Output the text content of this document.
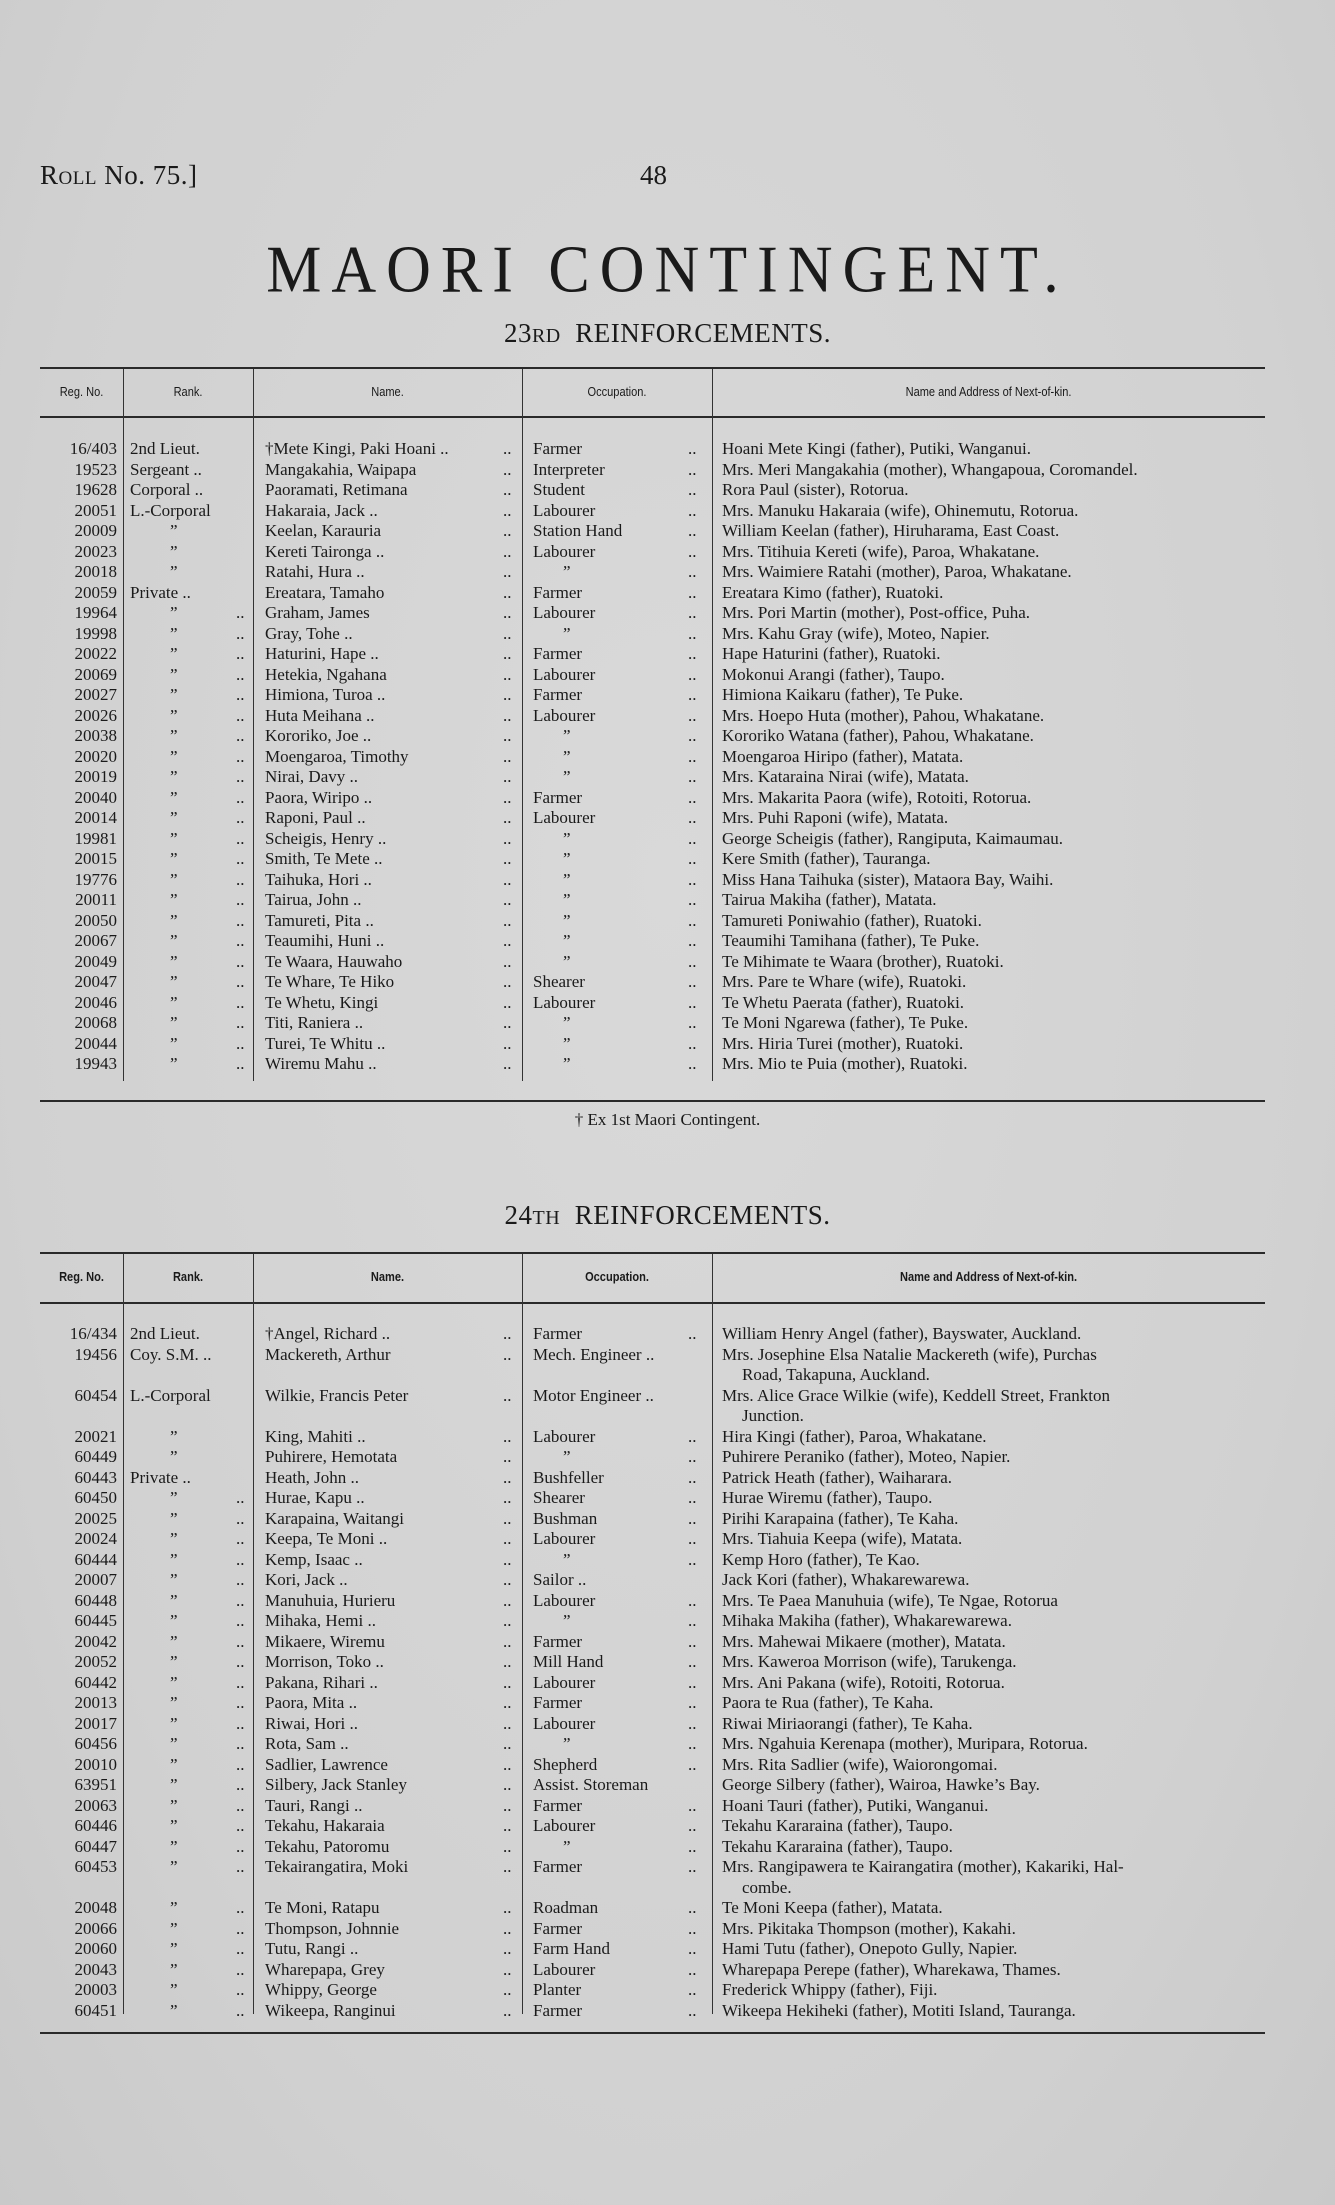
Roll No. 75.]	48
MAORI CONTINGENT.
23RD REINFORCEMENTS.
Reg. No.	Rank.	Name.	Occupation.	Name and Address of Next-of-kin.
16/403 2nd Lieut.	†Mete Kingi, Paki Hoani ..	.. Farmer	.. Hoani Mete Kingi (father), Putiki, Wanganui.
19523 Sergeant ..	Mangakahia, Waipapa	.. Interpreter	.. Mrs. Meri Mangakahia (mother), Whangapoua, Coromandel.
19628 Corporal ..	Paoramati, Retimana	.. Student	.. Rora Paul (sister), Rotorua.
20051 L.-Corporal	Hakaraia, Jack ..	.. Labourer	.. Mrs. Manuku Hakaraia (wife), Ohinemutu, Rotorua.
20009	”	Keelan, Karauria	.. Station Hand	.. William Keelan (father), Hiruharama, East Coast.
20023	”	Kereti Taironga ..	.. Labourer	.. Mrs. Titihuia Kereti (wife), Paroa, Whakatane.
20018	”	Ratahi, Hura ..	..	”	.. Mrs. Waimiere Ratahi (mother), Paroa, Whakatane.
20059 Private ..	Ereatara, Tamaho	.. Farmer	.. Ereatara Kimo (father), Ruatoki.
19964	”	..	Graham, James	.. Labourer	.. Mrs. Pori Martin (mother), Post-office, Puha.
19998	”	..	Gray, Tohe ..	..	”	.. Mrs. Kahu Gray (wife), Moteo, Napier.
20022	”	..	Haturini, Hape ..	.. Farmer	.. Hape Haturini (father), Ruatoki.
20069	”	..	Hetekia, Ngahana	.. Labourer	.. Mokonui Arangi (father), Taupo.
20027	”	..	Himiona, Turoa ..	.. Farmer	.. Himiona Kaikaru (father), Te Puke.
20026	”	..	Huta Meihana ..	.. Labourer	.. Mrs. Hoepo Huta (mother), Pahou, Whakatane.
20038	”	..	Kororiko, Joe ..	..	”	.. Kororiko Watana (father), Pahou, Whakatane.
20020	”	..	Moengaroa, Timothy	..	”	.. Moengaroa Hiripo (father), Matata.
20019	”	..	Nirai, Davy ..	..	”	.. Mrs. Kataraina Nirai (wife), Matata.
20040	”	..	Paora, Wiripo ..	.. Farmer	.. Mrs. Makarita Paora (wife), Rotoiti, Rotorua.
20014	”	..	Raponi, Paul ..	.. Labourer	.. Mrs. Puhi Raponi (wife), Matata.
19981	”	..	Scheigis, Henry ..	..	”	.. George Scheigis (father), Rangiputa, Kaimaumau.
20015	”	..	Smith, Te Mete ..	..	”	.. Kere Smith (father), Tauranga.
19776	”	..	Taihuka, Hori ..	..	”	.. Miss Hana Taihuka (sister), Mataora Bay, Waihi.
20011	”	..	Tairua, John ..	..	”	.. Tairua Makiha (father), Matata.
20050	”	..	Tamureti, Pita ..	..	”	.. Tamureti Poniwahio (father), Ruatoki.
20067	”	..	Teaumihi, Huni ..	..	”	.. Teaumihi Tamihana (father), Te Puke.
20049	”	..	Te Waara, Hauwaho	..	”	.. Te Mihimate te Waara (brother), Ruatoki.
20047	”	..	Te Whare, Te Hiko	.. Shearer	.. Mrs. Pare te Whare (wife), Ruatoki.
20046	”	..	Te Whetu, Kingi	.. Labourer	.. Te Whetu Paerata (father), Ruatoki.
20068	”	..	Titi, Raniera ..	..	”	.. Te Moni Ngarewa (father), Te Puke.
20044	”	..	Turei, Te Whitu ..	..	”	.. Mrs. Hiria Turei (mother), Ruatoki.
19943	”	..	Wiremu Mahu ..	..	”	.. Mrs. Mio te Puia (mother), Ruatoki.
† Ex 1st Maori Contingent.
24TH REINFORCEMENTS.
Reg. No.	Rank.	Name.	Occupation.	Name and Address of Next-of-kin.
16/434 2nd Lieut.	†Angel, Richard ..	.. Farmer	.. William Henry Angel (father), Bayswater, Auckland.
19456 Coy. S.M. ..	Mackereth, Arthur	.. Mech. Engineer ..	Mrs. Josephine Elsa Natalie Mackereth (wife), Purchas
Road, Takapuna, Auckland.
60454 L.-Corporal	Wilkie, Francis Peter	.. Motor Engineer ..	Mrs. Alice Grace Wilkie (wife), Keddell Street, Frankton
Junction.
20021	”	King, Mahiti ..	.. Labourer	.. Hira Kingi (father), Paroa, Whakatane.
60449	”	Puhirere, Hemotata	..	”	.. Puhirere Peraniko (father), Moteo, Napier.
60443 Private ..	Heath, John ..	.. Bushfeller	.. Patrick Heath (father), Waiharara.
60450	”	..	Hurae, Kapu ..	.. Shearer	.. Hurae Wiremu (father), Taupo.
20025	”	..	Karapaina, Waitangi	.. Bushman	.. Pirihi Karapaina (father), Te Kaha.
20024	”	..	Keepa, Te Moni ..	.. Labourer	.. Mrs. Tiahuia Keepa (wife), Matata.
60444	”	..	Kemp, Isaac ..	..	”	.. Kemp Horo (father), Te Kao.
20007	”	..	Kori, Jack ..	.. Sailor ..	Jack Kori (father), Whakarewarewa.
60448	”	..	Manuhuia, Hurieru	.. Labourer	.. Mrs. Te Paea Manuhuia (wife), Te Ngae, Rotorua
60445	”	..	Mihaka, Hemi ..	..	”	.. Mihaka Makiha (father), Whakarewarewa.
20042	”	..	Mikaere, Wiremu	.. Farmer	.. Mrs. Mahewai Mikaere (mother), Matata.
20052	”	..	Morrison, Toko ..	.. Mill Hand	.. Mrs. Kaweroa Morrison (wife), Tarukenga.
60442	”	..	Pakana, Rihari ..	.. Labourer	.. Mrs. Ani Pakana (wife), Rotoiti, Rotorua.
20013	”	..	Paora, Mita ..	.. Farmer	.. Paora te Rua (father), Te Kaha.
20017	”	..	Riwai, Hori ..	.. Labourer	.. Riwai Miriaorangi (father), Te Kaha.
60456	”	..	Rota, Sam ..	..	”	.. Mrs. Ngahuia Kerenapa (mother), Muripara, Rotorua.
20010	”	..	Sadlier, Lawrence	.. Shepherd	.. Mrs. Rita Sadlier (wife), Waiorongomai.
63951	”	..	Silbery, Jack Stanley	.. Assist. Storeman	George Silbery (father), Wairoa, Hawke’s Bay.
20063	”	..	Tauri, Rangi ..	.. Farmer	.. Hoani Tauri (father), Putiki, Wanganui.
60446	”	..	Tekahu, Hakaraia	.. Labourer	.. Tekahu Kararaina (father), Taupo.
60447	”	..	Tekahu, Patoromu	..	”	.. Tekahu Kararaina (father), Taupo.
60453	”	..	Tekairangatira, Moki	.. Farmer	.. Mrs. Rangipawera te Kairangatira (mother), Kakariki, Hal-
combe.
20048	”	..	Te Moni, Ratapu	.. Roadman	.. Te Moni Keepa (father), Matata.
20066	”	..	Thompson, Johnnie	.. Farmer	.. Mrs. Pikitaka Thompson (mother), Kakahi.
20060	”	..	Tutu, Rangi ..	.. Farm Hand	.. Hami Tutu (father), Onepoto Gully, Napier.
20043	”	..	Wharepapa, Grey	.. Labourer	.. Wharepapa Perepe (father), Wharekawa, Thames.
20003	”	..	Whippy, George	.. Planter	.. Frederick Whippy (father), Fiji.
60451	”	..	Wikeepa, Ranginui	.. Farmer	.. Wikeepa Hekiheki (father), Motiti Island, Tauranga.
